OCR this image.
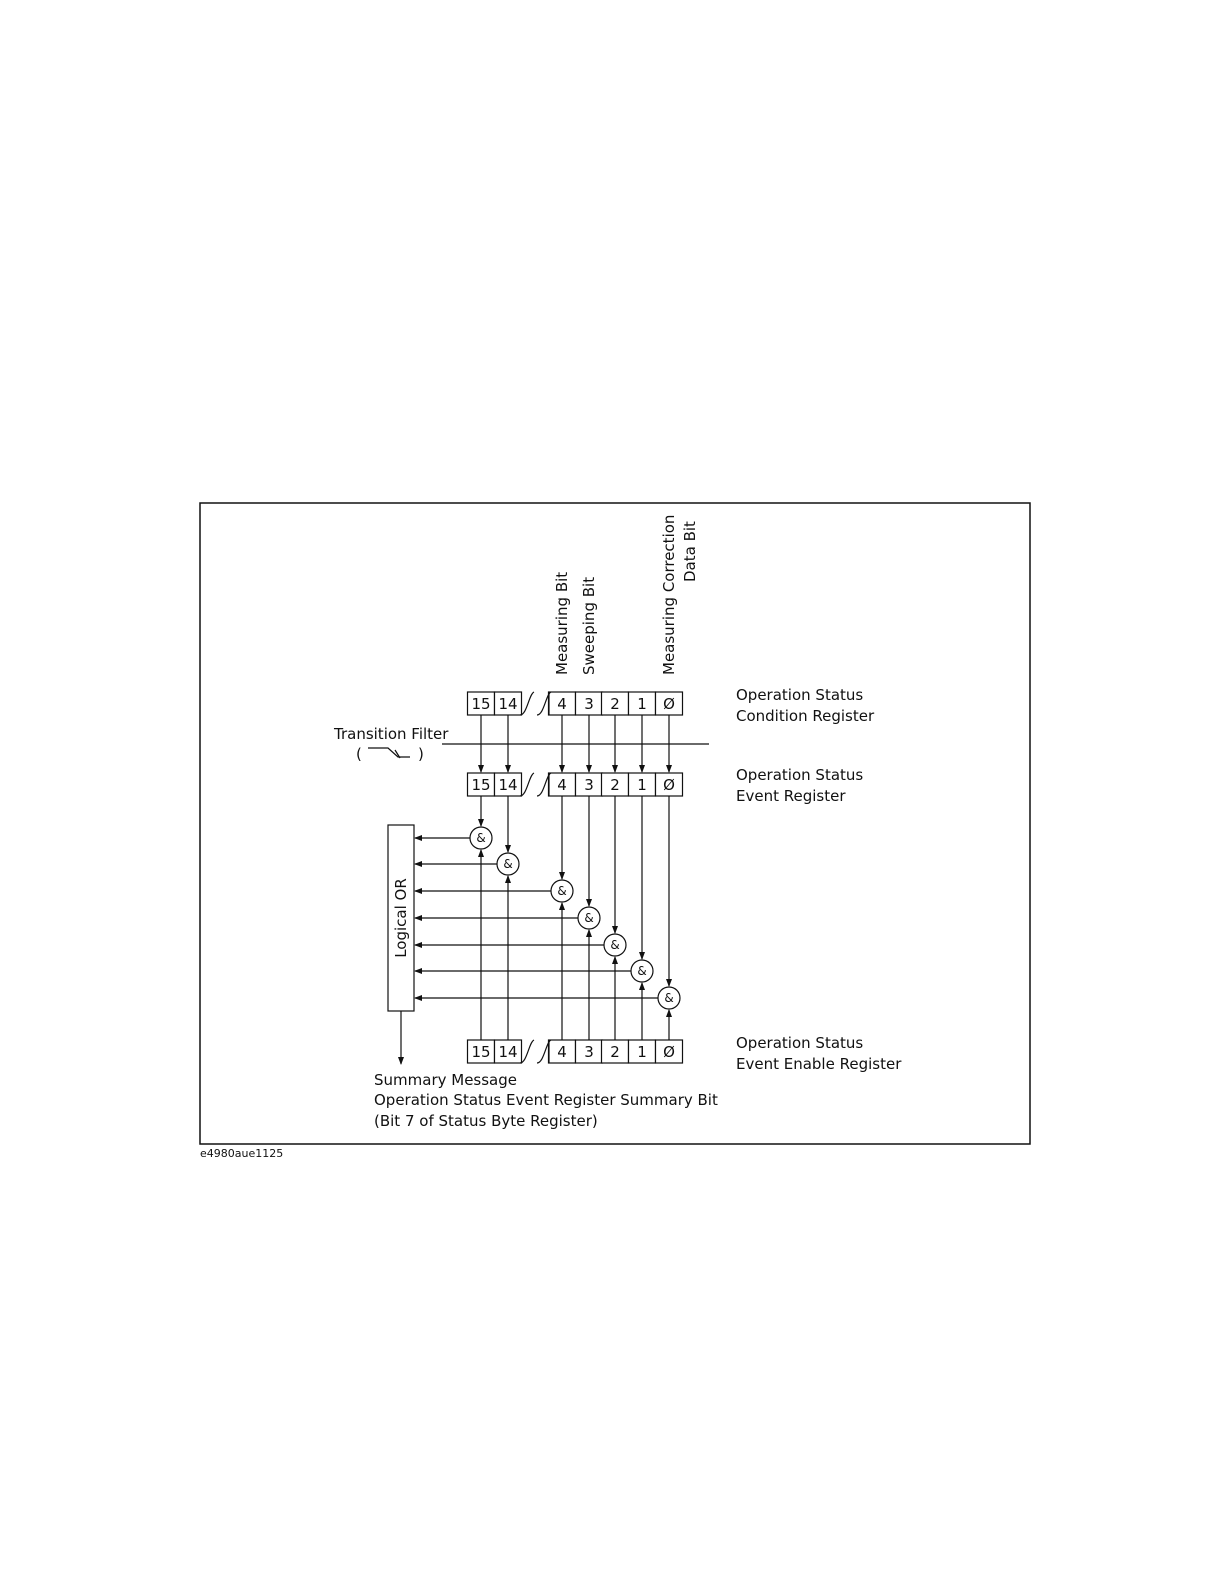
Measuring Bit Sweeping Bit	Measuring Correction Data Bit
15 14	4 3 2 1 Ø
15 14	4 3 2 1 Ø
15 14	4 3 2 1 Ø
Operation Status
Condition Register
Operation Status
Event Register
Operation Status
Event Enable Register
Transition Filter
(	)
Logical OR
&
&
&
&
&
&
&
Summary Message
Operation Status Event Register Summary Bit
(Bit 7 of Status Byte Register)
e4980aue1125
